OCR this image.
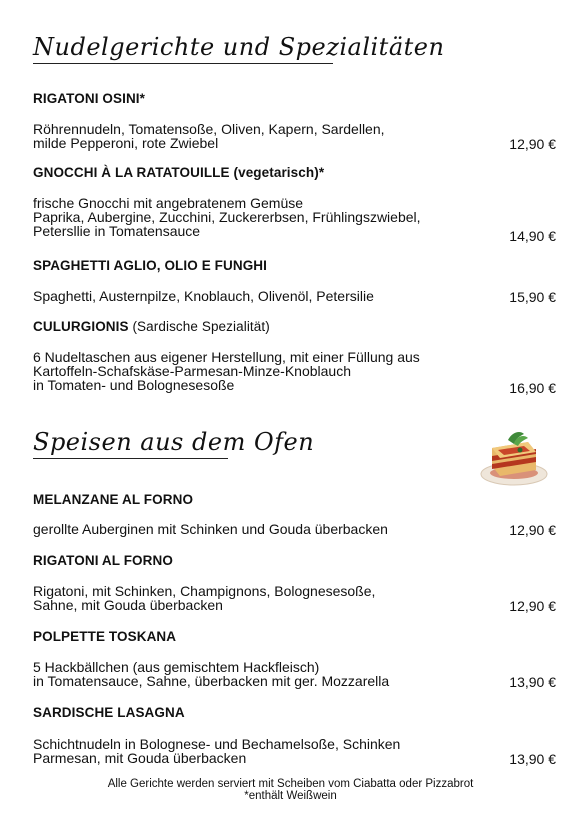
Nudelgerichte und Spezialitäten
RIGATONI OSINI*
Röhrennudeln, Tomatensoße, Oliven, Kapern, Sardellen,
milde Pepperoni, rote Zwiebel	12,90 €
GNOCCHI À LA RATATOUILLE (vegetarisch)*
frische Gnocchi mit angebratenem Gemüse
Paprika, Aubergine, Zucchini, Zuckererbsen, Frühlingszwiebel,
Petersllie in Tomatensauce	14,90 €
SPAGHETTI AGLIO, OLIO E FUNGHI
Spaghetti, Austernpilze, Knoblauch, Olivenöl, Petersilie	15,90 €
CULURGIONIS (Sardische Spezialität)
6 Nudeltaschen aus eigener Herstellung, mit einer Füllung aus
Kartoffeln-Schafskäse-Parmesan-Minze-Knoblauch
in Tomaten- und Bolognesesoße	16,90 €
Speisen aus dem Ofen
MELANZANE AL FORNO
gerollte Auberginen mit Schinken und Gouda überbacken	12,90 €
RIGATONI AL FORNO
Rigatoni, mit Schinken, Champignons, Bolognesesoße,
Sahne, mit Gouda überbacken	12,90 €
POLPETTE TOSKANA
5 Hackbällchen (aus gemischtem Hackfleisch)
in Tomatensauce, Sahne, überbacken mit ger. Mozzarella	13,90 €
SARDISCHE LASAGNA
Schichtnudeln in Bolognese- und Bechamelsoße, Schinken
Parmesan, mit Gouda überbacken	13,90 €
Alle Gerichte werden serviert mit Scheiben vom Ciabatta oder Pizzabrot
*enthält Weißwein
